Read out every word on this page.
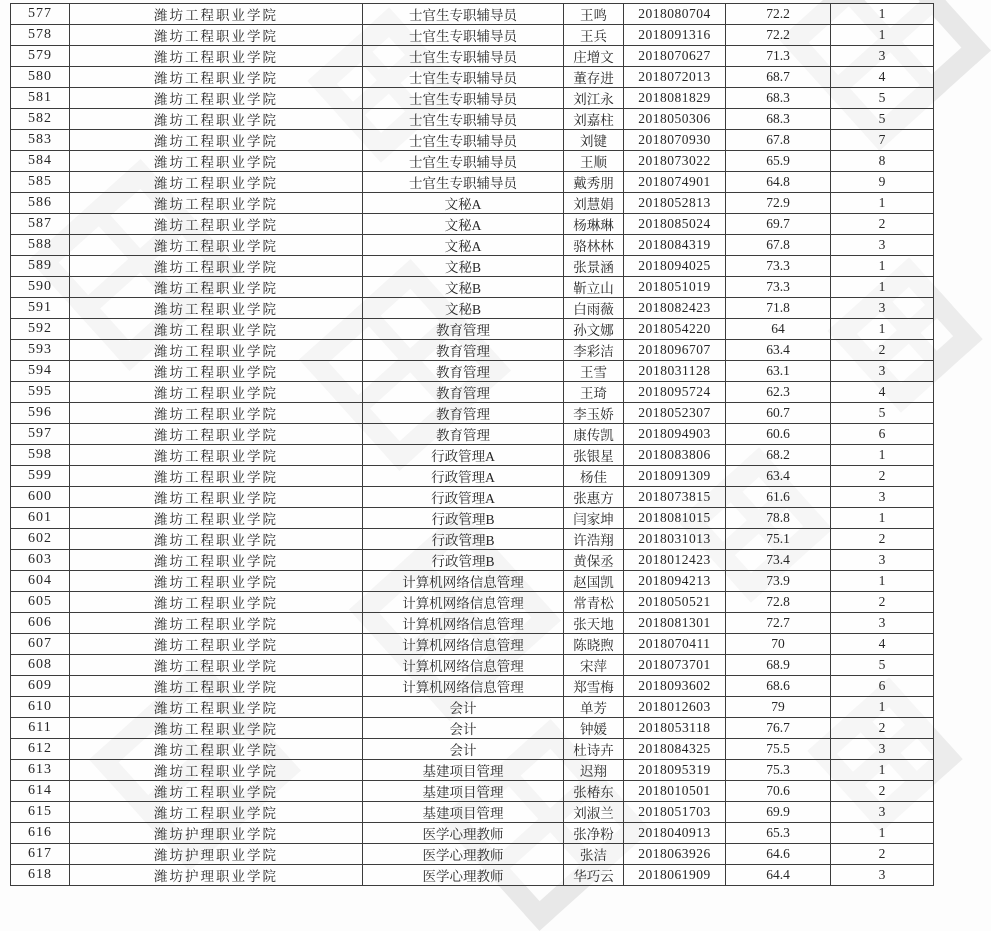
577	潍坊工程职业学院	士官生专职辅导员	王鸣	2018080704	72.2	1
578	潍坊工程职业学院	士官生专职辅导员	王兵	2018091316	72.2	1
579	潍坊工程职业学院	士官生专职辅导员	庄增文	2018070627	71.3	3
580	潍坊工程职业学院	士官生专职辅导员	董存进	2018072013	68.7	4
581	潍坊工程职业学院	士官生专职辅导员	刘江永	2018081829	68.3	5
582	潍坊工程职业学院	士官生专职辅导员	刘嘉柱	2018050306	68.3	5
583	潍坊工程职业学院	士官生专职辅导员	刘键	2018070930	67.8	7
584	潍坊工程职业学院	士官生专职辅导员	王顺	2018073022	65.9	8
585	潍坊工程职业学院	士官生专职辅导员	戴秀朋	2018074901	64.8	9
586	潍坊工程职业学院	文秘A	刘慧娟	2018052813	72.9	1
587	潍坊工程职业学院	文秘A	杨琳琳	2018085024	69.7	2
588	潍坊工程职业学院	文秘A	骆林林	2018084319	67.8	3
589	潍坊工程职业学院	文秘B	张景涵	2018094025	73.3	1
590	潍坊工程职业学院	文秘B	靳立山	2018051019	73.3	1
591	潍坊工程职业学院	文秘B	白雨薇	2018082423	71.8	3
592	潍坊工程职业学院	教育管理	孙文娜	2018054220	64	1
593	潍坊工程职业学院	教育管理	李彩洁	2018096707	63.4	2
594	潍坊工程职业学院	教育管理	王雪	2018031128	63.1	3
595	潍坊工程职业学院	教育管理	王琦	2018095724	62.3	4
596	潍坊工程职业学院	教育管理	李玉娇	2018052307	60.7	5
597	潍坊工程职业学院	教育管理	康传凯	2018094903	60.6	6
598	潍坊工程职业学院	行政管理A	张银星	2018083806	68.2	1
599	潍坊工程职业学院	行政管理A	杨佳	2018091309	63.4	2
600	潍坊工程职业学院	行政管理A	张惠方	2018073815	61.6	3
601	潍坊工程职业学院	行政管理B	闫家坤	2018081015	78.8	1
602	潍坊工程职业学院	行政管理B	许浩翔	2018031013	75.1	2
603	潍坊工程职业学院	行政管理B	黄保丞	2018012423	73.4	3
604	潍坊工程职业学院	计算机网络信息管理	赵国凯	2018094213	73.9	1
605	潍坊工程职业学院	计算机网络信息管理	常青松	2018050521	72.8	2
606	潍坊工程职业学院	计算机网络信息管理	张天地	2018081301	72.7	3
607	潍坊工程职业学院	计算机网络信息管理	陈晓煦	2018070411	70	4
608	潍坊工程职业学院	计算机网络信息管理	宋萍	2018073701	68.9	5
609	潍坊工程职业学院	计算机网络信息管理	郑雪梅	2018093602	68.6	6
610	潍坊工程职业学院	会计	单芳	2018012603	79	1
611	潍坊工程职业学院	会计	钟媛	2018053118	76.7	2
612	潍坊工程职业学院	会计	杜诗卉	2018084325	75.5	3
613	潍坊工程职业学院	基建项目管理	迟翔	2018095319	75.3	1
614	潍坊工程职业学院	基建项目管理	张椿东	2018010501	70.6	2
615	潍坊工程职业学院	基建项目管理	刘淑兰	2018051703	69.9	3
616	潍坊护理职业学院	医学心理教师	张净粉	2018040913	65.3	1
617	潍坊护理职业学院	医学心理教师	张洁	2018063926	64.6	2
618	潍坊护理职业学院	医学心理教师	华巧云	2018061909	64.4	3
